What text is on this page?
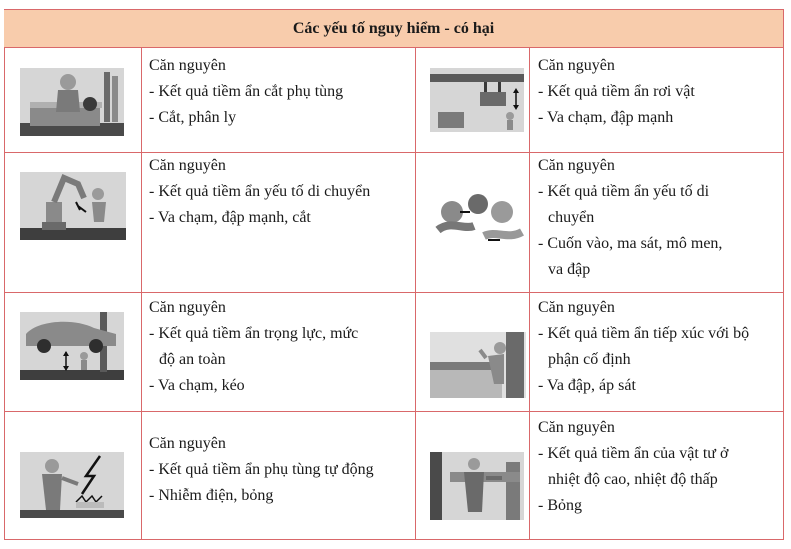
Các yếu tố nguy hiểm - có hại
Căn nguyên
- Kết quả tiềm ẩn cắt phụ tùng
- Cắt, phân ly
Căn nguyên
- Kết quả tiềm ẩn rơi vật
- Va chạm, đập mạnh
Căn nguyên
- Kết quả tiềm ẩn yếu tố di chuyển
- Va chạm, đập mạnh, cắt
Căn nguyên
- Kết quả tiềm ẩn yếu tố di
chuyển
- Cuốn vào, ma sát, mô men,
va đập
Căn nguyên
- Kết quả tiềm ẩn trọng lực, mức
độ an toàn
- Va chạm, kéo
Căn nguyên
- Kết quả tiềm ẩn tiếp xúc với bộ
phận cố định
- Va đập, áp sát
Căn nguyên
- Kết quả tiềm ẩn phụ tùng tự động
- Nhiễm điện, bỏng
Căn nguyên
- Kết quả tiềm ẩn của vật tư ở
nhiệt độ cao, nhiệt độ thấp
- Bỏng
